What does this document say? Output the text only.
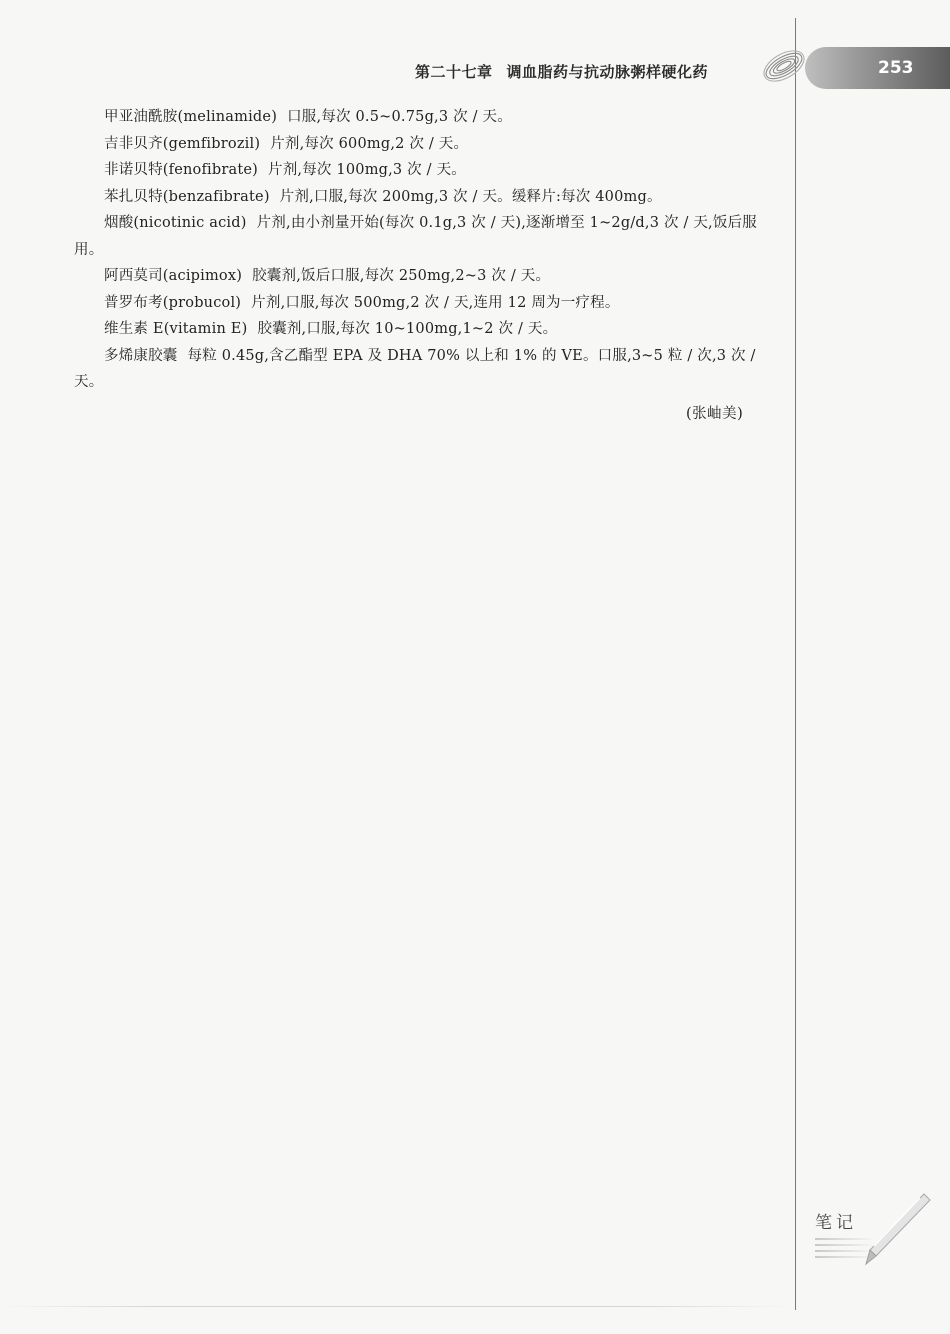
第二十七章 调血脂药与抗动脉粥样硬化药	253

甲亚油酰胺(melinamide) 口服,每次 0.5~0.75g,3 次 / 天。

吉非贝齐(gemfibrozil) 片剂,每次 600mg,2 次 / 天。

非诺贝特(fenofibrate) 片剂,每次 100mg,3 次 / 天。

苯扎贝特(benzafibrate) 片剂,口服,每次 200mg,3 次 / 天。缓释片:每次 400mg。

烟酸(nicotinic acid) 片剂,由小剂量开始(每次 0.1g,3 次 / 天),逐渐增至 1~2g/d,3 次 / 天,饭后服用。

阿西莫司(acipimox) 胶囊剂,饭后口服,每次 250mg,2~3 次 / 天。

普罗布考(probucol) 片剂,口服,每次 500mg,2 次 / 天,连用 12 周为一疗程。

维生素 E(vitamin E) 胶囊剂,口服,每次 10~100mg,1~2 次 / 天。

多烯康胶囊 每粒 0.45g,含乙酯型 EPA 及 DHA 70% 以上和 1% 的 VE。口服,3~5 粒 / 次,3 次 / 天。

(张岫美)
笔记
